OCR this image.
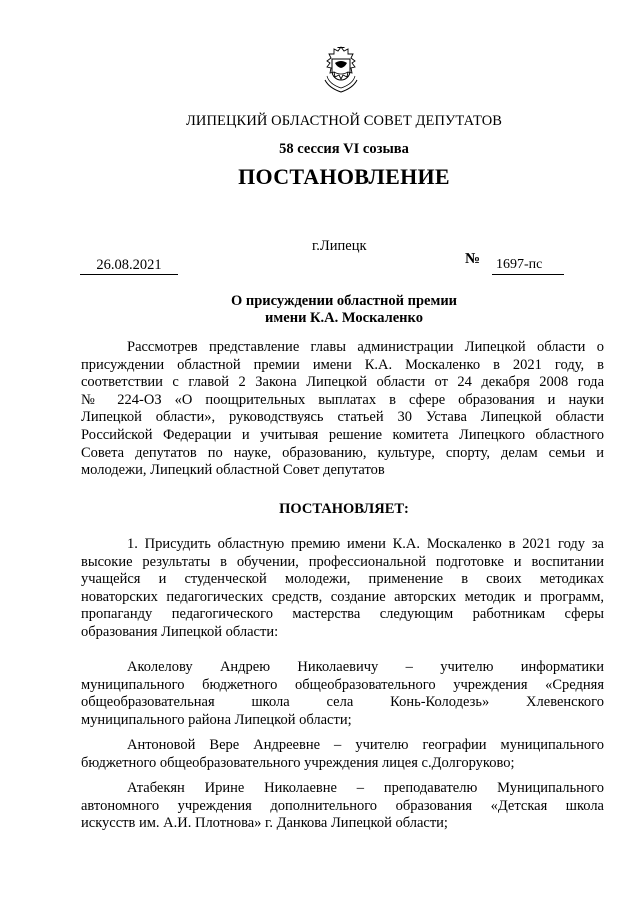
ЛИПЕЦКИЙ ОБЛАСТНОЙ СОВЕТ ДЕПУТАТОВ
58 сессия VI созыва
ПОСТАНОВЛЕНИЕ
г.Липецк
26.08.2021	№ 1697-пс
О присуждении областной премии
имени К.А. Москаленко
Рассмотрев представление главы администрации Липецкой области о
присуждении областной премии имени К.А. Москаленко в 2021 году, в
соответствии с главой 2 Закона Липецкой области от 24 декабря 2008 года
№ 224-ОЗ «О поощрительных выплатах в сфере образования и науки
Липецкой области», руководствуясь статьей 30 Устава Липецкой области
Российской Федерации и учитывая решение комитета Липецкого областного
Совета депутатов по науке, образованию, культуре, спорту, делам семьи и
молодежи, Липецкий областной Совет депутатов
ПОСТАНОВЛЯЕТ:
1. Присудить областную премию имени К.А. Москаленко в 2021 году за
высокие результаты в обучении, профессиональной подготовке и воспитании
учащейся и студенческой молодежи, применение в своих методиках
новаторских педагогических средств, создание авторских методик и программ,
пропаганду педагогического мастерства следующим работникам сферы
образования Липецкой области:
Аколелову Андрею Николаевичу – учителю информатики
муниципального бюджетного общеобразовательного учреждения «Средняя
общеобразовательная школа села Конь-Колодезь» Хлевенского
муниципального района Липецкой области;
Антоновой Вере Андреевне – учителю географии муниципального
бюджетного общеобразовательного учреждения лицея с.Долгоруково;
Атабекян Ирине Николаевне – преподавателю Муниципального
автономного учреждения дополнительного образования «Детская школа
искусств им. А.И. Плотнова» г. Данкова Липецкой области;
